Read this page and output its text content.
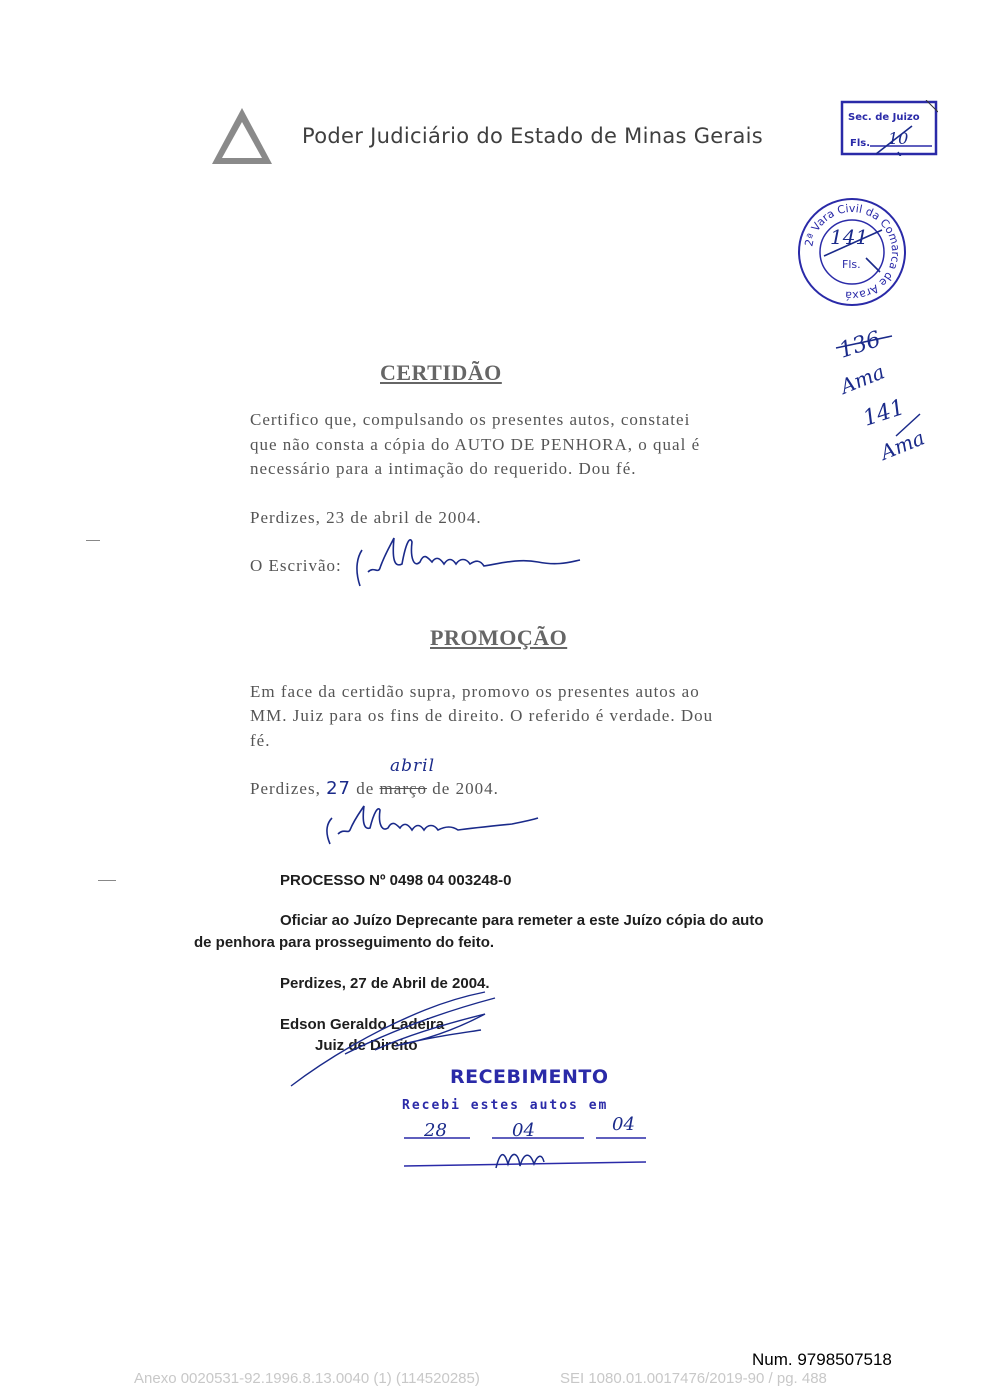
Poder Judiciário do Estado de Minas Gerais
Sec. de Juizo
Fls. 10
2ª Vara Civil da Comarca de Araxá
141
Fls.
136
Ama
141
Ama
CERTIDÃO
Certifico que, compulsando os presentes autos, constatei
que não consta a cópia do AUTO DE PENHORA, o qual é
necessário para a intimação do requerido. Dou fé.
Perdizes, 23 de abril de 2004.
O Escrivão:
PROMOÇÃO
Em face da certidão supra, promovo os presentes autos ao
MM. Juiz para os fins de direito. O referido é verdade. Dou
fé.
Perdizes, 27 de março de 2004.
abril
PROCESSO Nº 0498 04 003248-0
Oficiar ao Juízo Deprecante para remeter a este Juízo cópia do auto
de penhora para prosseguimento do feito.
Perdizes, 27 de Abril de 2004.
Edson Geraldo Ladeira
Juiz de Direito
RECEBIMENTO
Recebi estes autos em
28	04	04
Num. 9798507518
Anexo 0020531-92.1996.8.13.0040 (1) (114520285)	SEI 1080.01.0017476/2019-90 / pg. 488
